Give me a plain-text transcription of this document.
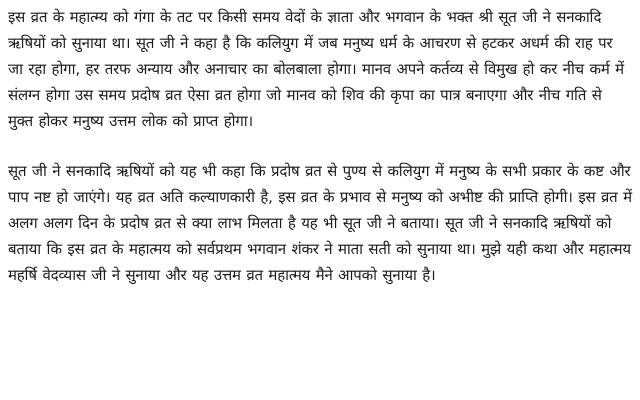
इस व्रत के महात्म्य को गंगा के तट पर किसी समय वेदों के ज्ञाता और भगवान के भक्त श्री सूत जी ने सनकादि ऋषियों को सुनाया था। सूत जी ने कहा है कि कलियुग में जब मनुष्य धर्म के आचरण से हटकर अधर्म की राह पर जा रहा होगा, हर तरफ अन्याय और अनाचार का बोलबाला होगा। मानव अपने कर्तव्य से विमुख हो कर नीच कर्म में संलग्न होगा उस समय प्रदोष व्रत ऐसा व्रत होगा जो मानव को शिव की कृपा का पात्र बनाएगा और नीच गति से मुक्त होकर मनुष्य उत्तम लोक को प्राप्त होगा।

सूत जी ने सनकादि ऋषियों को यह भी कहा कि प्रदोष व्रत से पुण्य से कलियुग में मनुष्य के सभी प्रकार के कष्ट और पाप नष्ट हो जाएंगे। यह व्रत अति कल्याणकारी है, इस व्रत के प्रभाव से मनुष्य को अभीष्ट की प्राप्ति होगी। इस व्रत में अलग अलग दिन के प्रदोष व्रत से क्या लाभ मिलता है यह भी सूत जी ने बताया। सूत जी ने सनकादि ऋषियों को बताया कि इस व्रत के महात्मय को सर्वप्रथम भगवान शंकर ने माता सती को सुनाया था। मुझे यही कथा और महात्मय महर्षि वेदव्यास जी ने सुनाया और यह उत्तम व्रत महात्मय मैने आपको सुनाया है।
